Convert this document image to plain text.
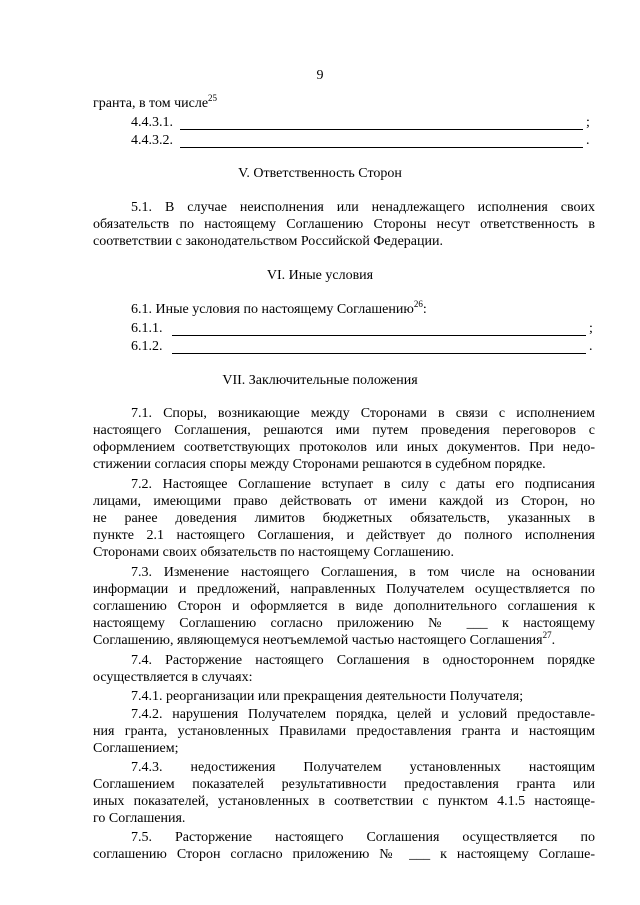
9
гранта, в том числе$^{25}$
4.4.3.1.	;
4.4.3.2.	.
V. Ответственность Сторон
5.1. В случае неисполнения или ненадлежащего исполнения своих
обязательств по настоящему Соглашению Стороны несут ответственность в
соответствии с законодательством Российской Федерации.
VI. Иные условия
6.1. Иные условия по настоящему Соглашению$^{26}$:
6.1.1.	;
6.1.2.	.
VII. Заключительные положения
7.1. Споры, возникающие между Сторонами в связи с исполнением
настоящего Соглашения, решаются ими путем проведения переговоров с
оформлением соответствующих протоколов или иных документов. При недо-
стижении согласия споры между Сторонами решаются в судебном порядке.
7.2. Настоящее Соглашение вступает в силу с даты его подписания
лицами, имеющими право действовать от имени каждой из Сторон, но
не ранее доведения лимитов бюджетных обязательств, указанных в
пункте 2.1 настоящего Соглашения, и действует до полного исполнения
Сторонами своих обязательств по настоящему Соглашению.
7.3. Изменение настоящего Соглашения, в том числе на основании
информации и предложений, направленных Получателем осуществляется по
соглашению Сторон и оформляется в виде дополнительного соглашения к
настоящему Соглашению согласно приложению № ___ к настоящему
Соглашению, являющемуся неотъемлемой частью настоящего Соглашения$^{27}$.
7.4. Расторжение настоящего Соглашения в одностороннем порядке
осуществляется в случаях:
7.4.1. реорганизации или прекращения деятельности Получателя;
7.4.2. нарушения Получателем порядка, целей и условий предоставле-
ния гранта, установленных Правилами предоставления гранта и настоящим
Соглашением;
7.4.3. недостижения Получателем установленных настоящим
Соглашением показателей результативности предоставления гранта или
иных показателей, установленных в соответствии с пунктом 4.1.5 настояще-
го Соглашения.
7.5. Расторжение настоящего Соглашения осуществляется по
соглашению Сторон согласно приложению № ___ к настоящему Соглаше-
